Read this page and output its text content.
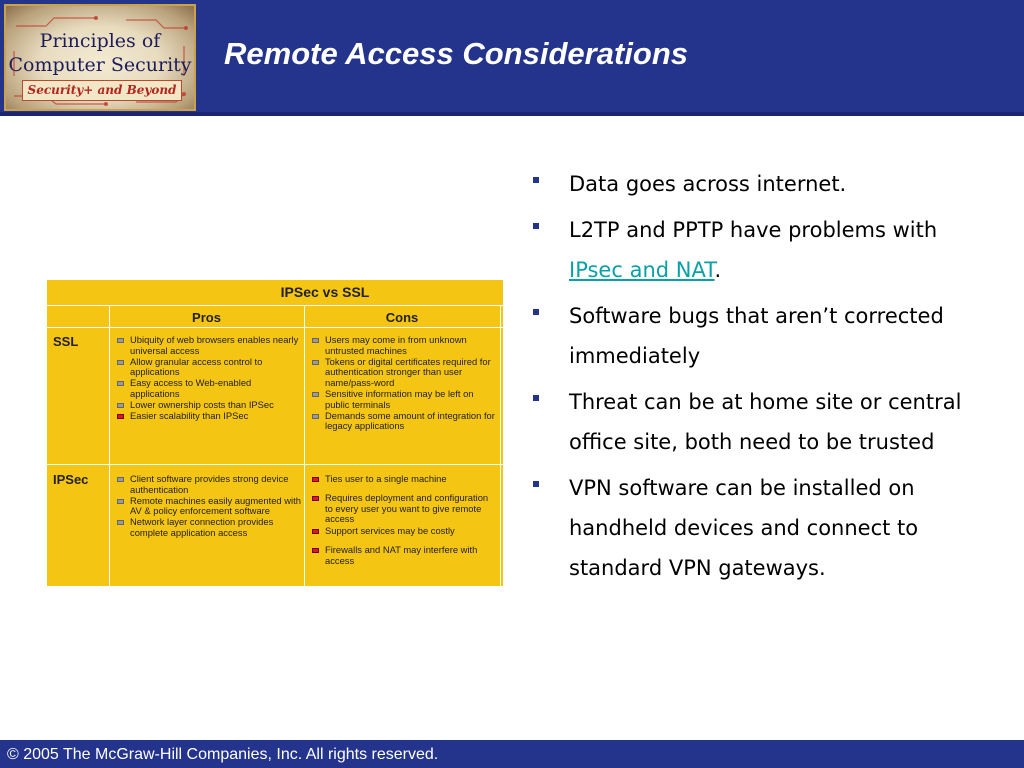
Principles of
Computer Security
Security+ and Beyond
Remote Access Considerations
IPSec vs SSL
Pros	Cons
SSL
IPSec
Ubiquity of web browsers enables nearly universal access
Allow granular access control to applications
Easy access to Web-enabled applications
Lower ownership costs than IPSec
Easier scalability than IPSec
Users may come in from unknown untrusted machines
Tokens or digital certificates required for authentication stronger than user name/pass-word
Sensitive information may be left on public terminals
Demands some amount of integration for legacy applications
Client software provides strong device authentication
Remote machines easily augmented with AV & policy enforcement software
Network layer connection provides complete application access
Ties user to a single machine
Requires deployment and configuration to every user you want to give remote access
Support services may be costly
Firewalls and NAT may interfere with access
Data goes across internet.
L2TP and PPTP have problems with IPsec and NAT.
Software bugs that aren’t corrected immediately
Threat can be at home site or central office site, both need to be trusted
VPN software can be installed on handheld devices and connect to standard VPN gateways.
© 2005 The McGraw-Hill Companies, Inc. All rights reserved.
